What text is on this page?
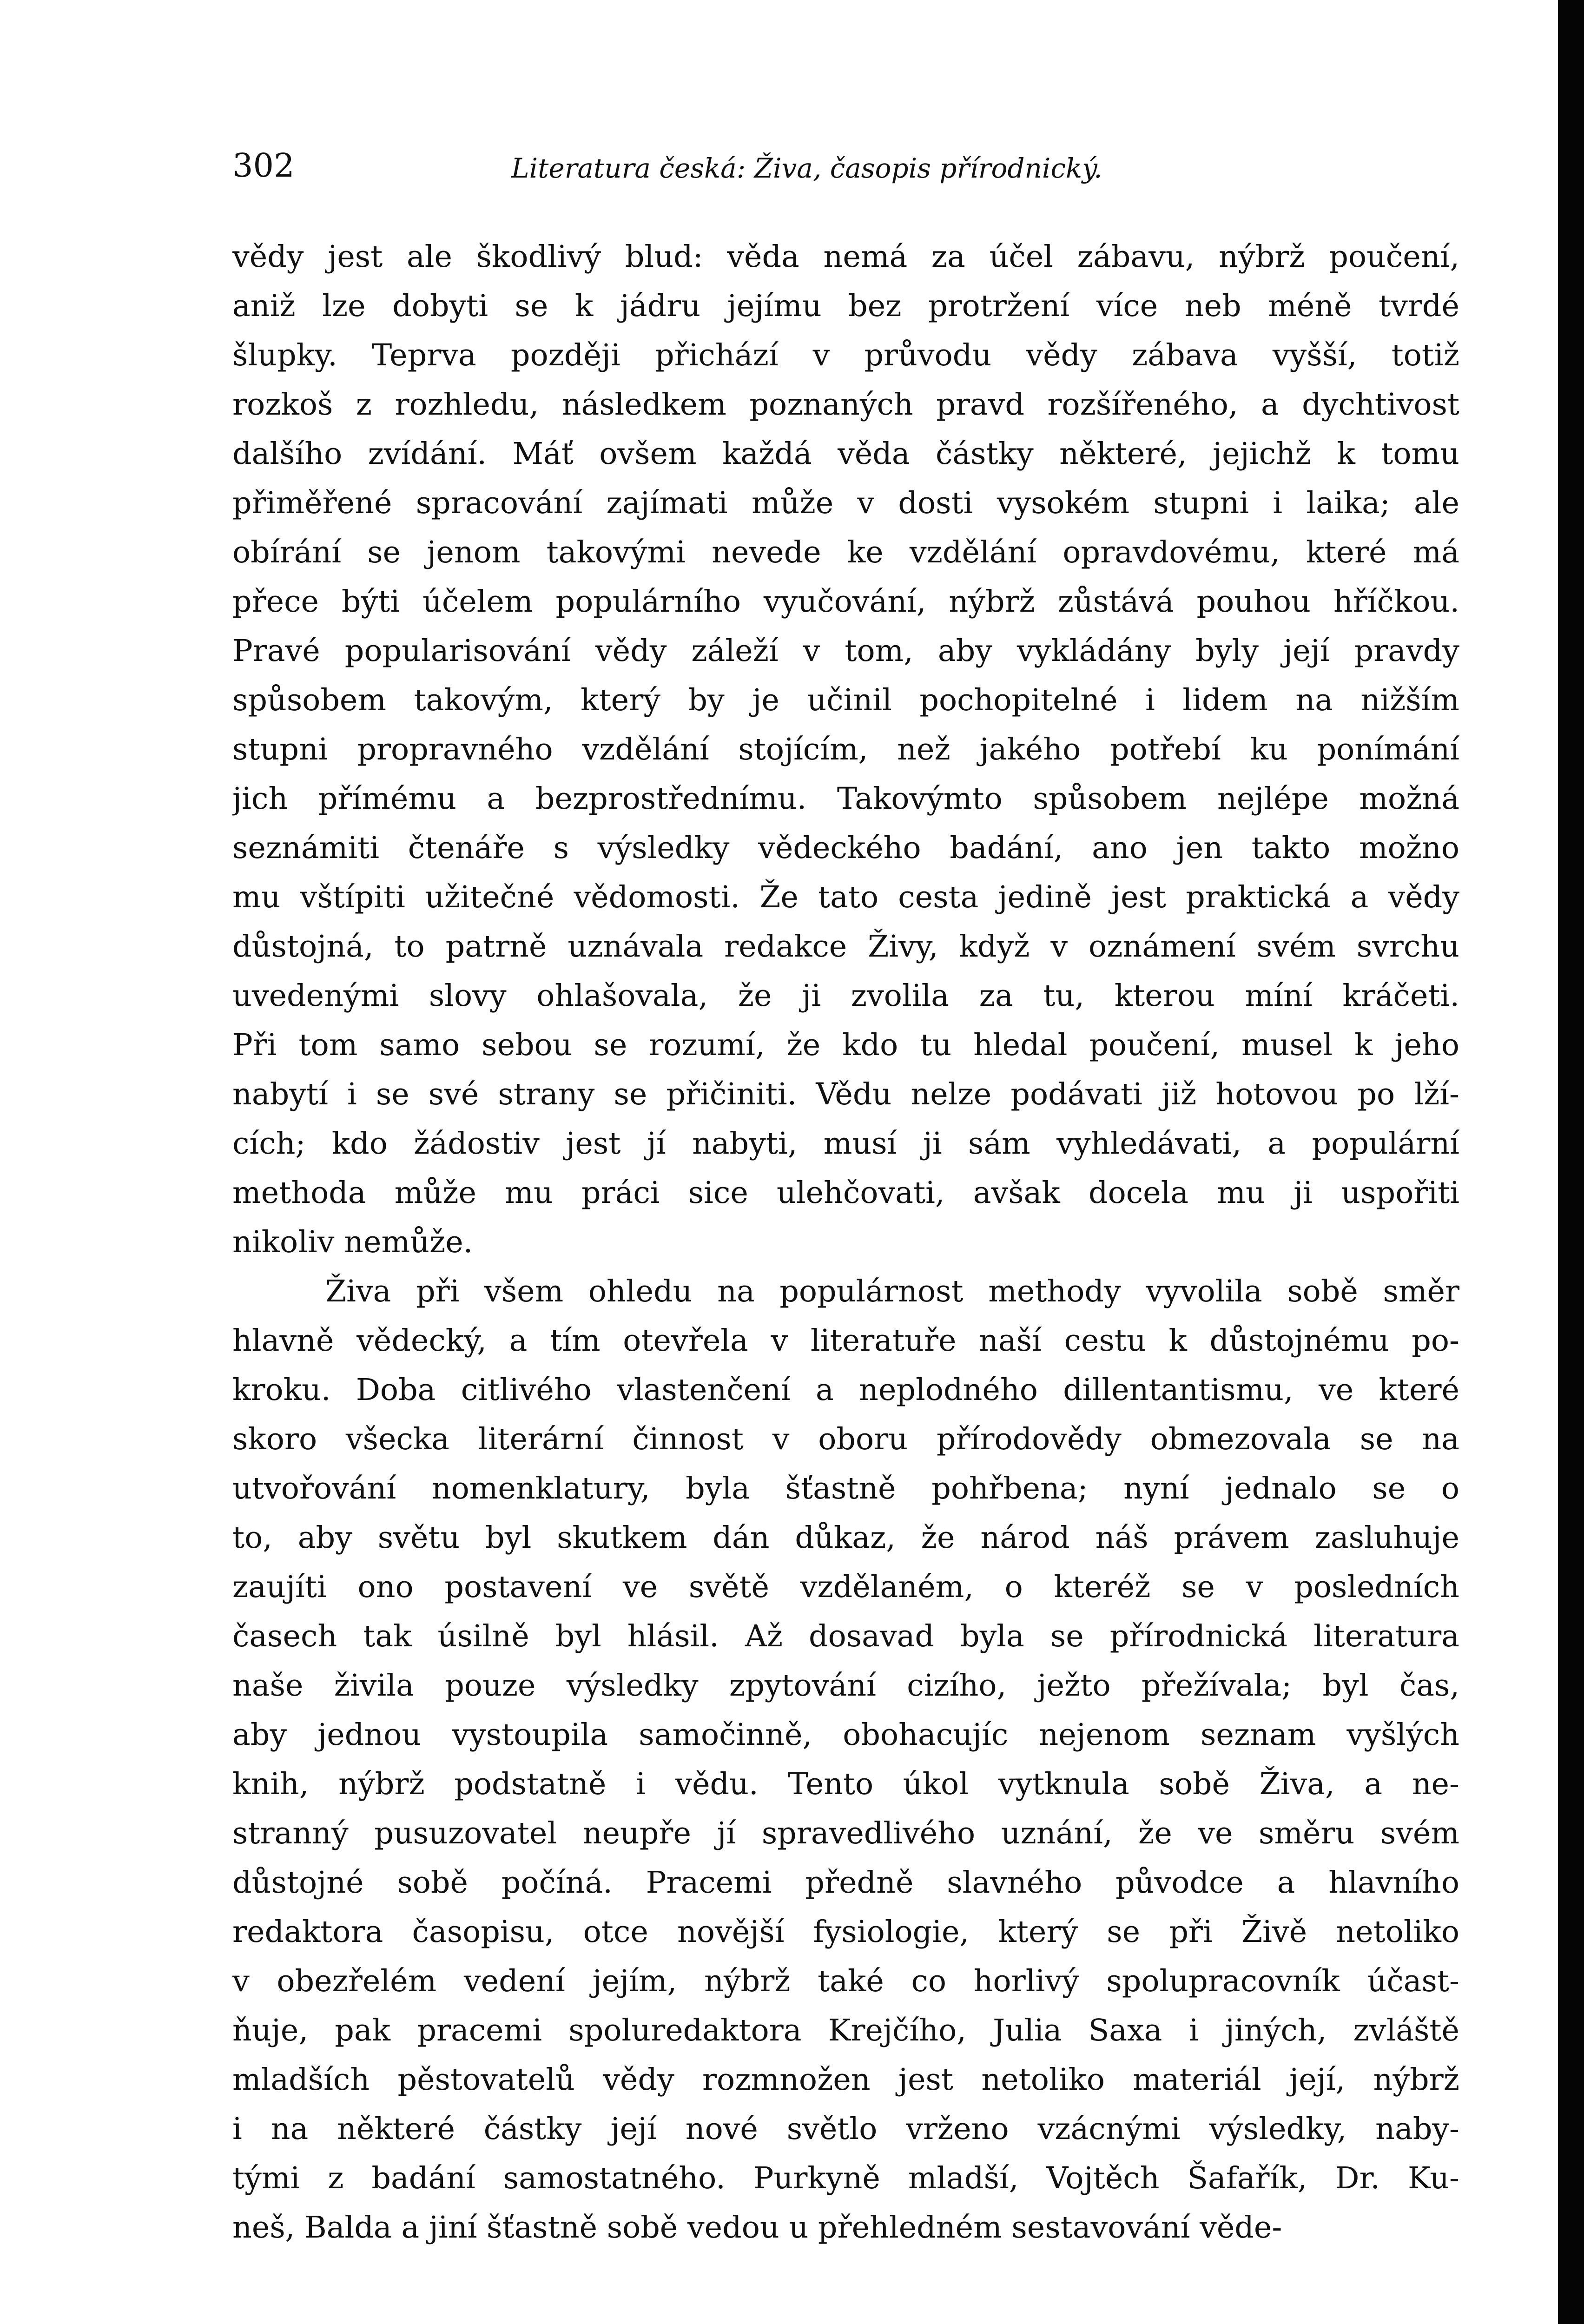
302	Literatura česká: Živa, časopis přírodnický.
vědy jest ale škodlivý blud: věda nemá za účel zábavu, nýbrž poučení,
aniž lze dobyti se k jádru jejímu bez protržení více neb méně tvrdé
šlupky. Teprva později přichází v průvodu vědy zábava vyšší, totiž
rozkoš z rozhledu, následkem poznaných pravd rozšířeného, a dychtivost
dalšího zvídání. Máť ovšem každá věda částky některé, jejichž k tomu
přiměřené spracování zajímati může v dosti vysokém stupni i laika; ale
obírání se jenom takovými nevede ke vzdělání opravdovému, které má
přece býti účelem populárního vyučování, nýbrž zůstává pouhou hříčkou.
Pravé popularisování vědy záleží v tom, aby vykládány byly její pravdy
spůsobem takovým, který by je učinil pochopitelné i lidem na nižším
stupni propravného vzdělání stojícím, než jakého potřebí ku ponímání
jich přímému a bezprostřednímu. Takovýmto spůsobem nejlépe možná
seznámiti čtenáře s výsledky vědeckého badání, ano jen takto možno
mu vštípiti užitečné vědomosti. Že tato cesta jedině jest praktická a vědy
důstojná, to patrně uznávala redakce Živy, když v oznámení svém svrchu
uvedenými slovy ohlašovala, že ji zvolila za tu, kterou míní kráčeti.
Při tom samo sebou se rozumí, že kdo tu hledal poučení, musel k jeho
nabytí i se své strany se přičiniti. Vědu nelze podávati již hotovou po lží-
cích; kdo žádostiv jest jí nabyti, musí ji sám vyhledávati, a populární
methoda může mu práci sice ulehčovati, avšak docela mu ji uspořiti
nikoliv nemůže.
Živa při všem ohledu na populárnost methody vyvolila sobě směr
hlavně vědecký, a tím otevřela v literatuře naší cestu k důstojnému po-
kroku. Doba citlivého vlastenčení a neplodného dillentantismu, ve které
skoro všecka literární činnost v oboru přírodovědy obmezovala se na
utvořování nomenklatury, byla šťastně pohřbena; nyní jednalo se o
to, aby světu byl skutkem dán důkaz, že národ náš právem zasluhuje
zaujíti ono postavení ve světě vzdělaném, o kteréž se v posledních
časech tak úsilně byl hlásil. Až dosavad byla se přírodnická literatura
naše živila pouze výsledky zpytování cizího, ježto přežívala; byl čas,
aby jednou vystoupila samočinně, obohacujíc nejenom seznam vyšlých
knih, nýbrž podstatně i vědu. Tento úkol vytknula sobě Živa, a ne-
stranný pusuzovatel neupře jí spravedlivého uznání, že ve směru svém
důstojné sobě počíná. Pracemi předně slavného původce a hlavního
redaktora časopisu, otce novější fysiologie, který se při Živě netoliko
v obezřelém vedení jejím, nýbrž také co horlivý spolupracovník účast-
ňuje, pak pracemi spoluredaktora Krejčího, Julia Saxa i jiných, zvláště
mladších pěstovatelů vědy rozmnožen jest netoliko materiál její, nýbrž
i na některé částky její nové světlo vrženo vzácnými výsledky, naby-
tými z badání samostatného. Purkyně mladší, Vojtěch Šafařík, Dr. Ku-
neš, Balda a jiní šťastně sobě vedou u přehledném sestavování věde-
